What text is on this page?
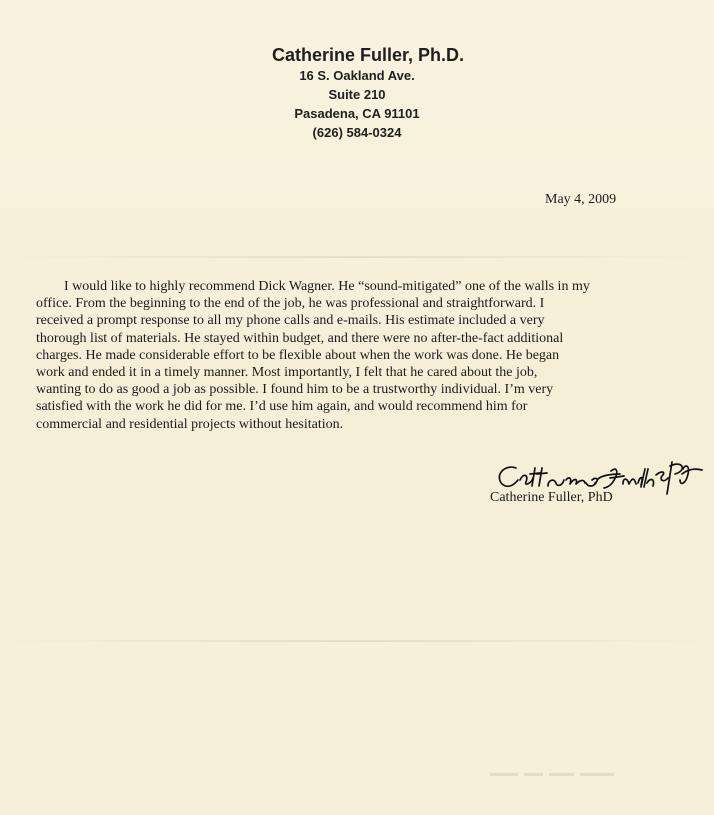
Catherine Fuller, Ph.D.
16 S. Oakland Ave.
Suite 210
Pasadena, CA 91101
(626) 584-0324
May 4, 2009
I would like to highly recommend Dick Wagner. He “sound-mitigated” one of the walls in my
office. From the beginning to the end of the job, he was professional and straightforward. I
received a prompt response to all my phone calls and e-mails. His estimate included a very
thorough list of materials. He stayed within budget, and there were no after-the-fact additional
charges. He made considerable effort to be flexible about when the work was done. He began
work and ended it in a timely manner. Most importantly, I felt that he cared about the job,
wanting to do as good a job as possible. I found him to be a trustworthy individual. I’m very
satisfied with the work he did for me. I’d use him again, and would recommend him for
commercial and residential projects without hesitation.
Catherine Fuller, PhD
